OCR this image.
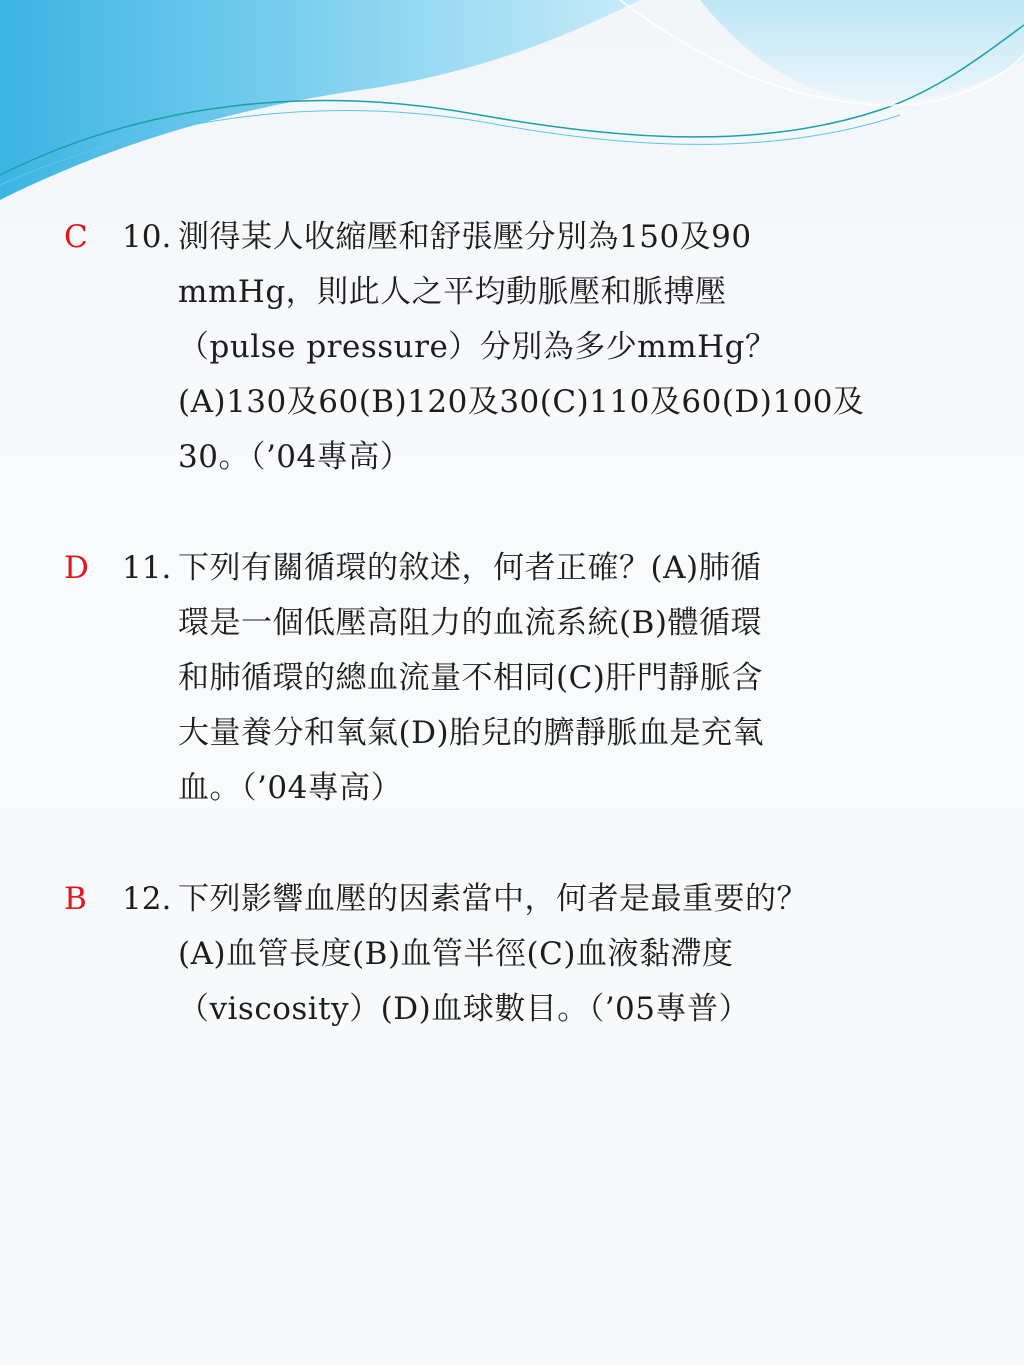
C 10. 測得某人收縮壓和舒張壓分別為150及90
mmHg，則此人之平均動脈壓和脈搏壓
（pulse pressure）分別為多少mmHg？
(A)130及60(B)120及30(C)110及60(D)100及
30。（’04專高）
D 11. 下列有關循環的敘述，何者正確？(A)肺循
環是一個低壓高阻力的血流系統(B)體循環
和肺循環的總血流量不相同(C)肝門靜脈含
大量養分和氧氣(D)胎兒的臍靜脈血是充氧
血。（’04專高）
B 12. 下列影響血壓的因素當中，何者是最重要的？
(A)血管長度(B)血管半徑(C)血液黏滯度
（viscosity）(D)血球數目。（’05專普）
